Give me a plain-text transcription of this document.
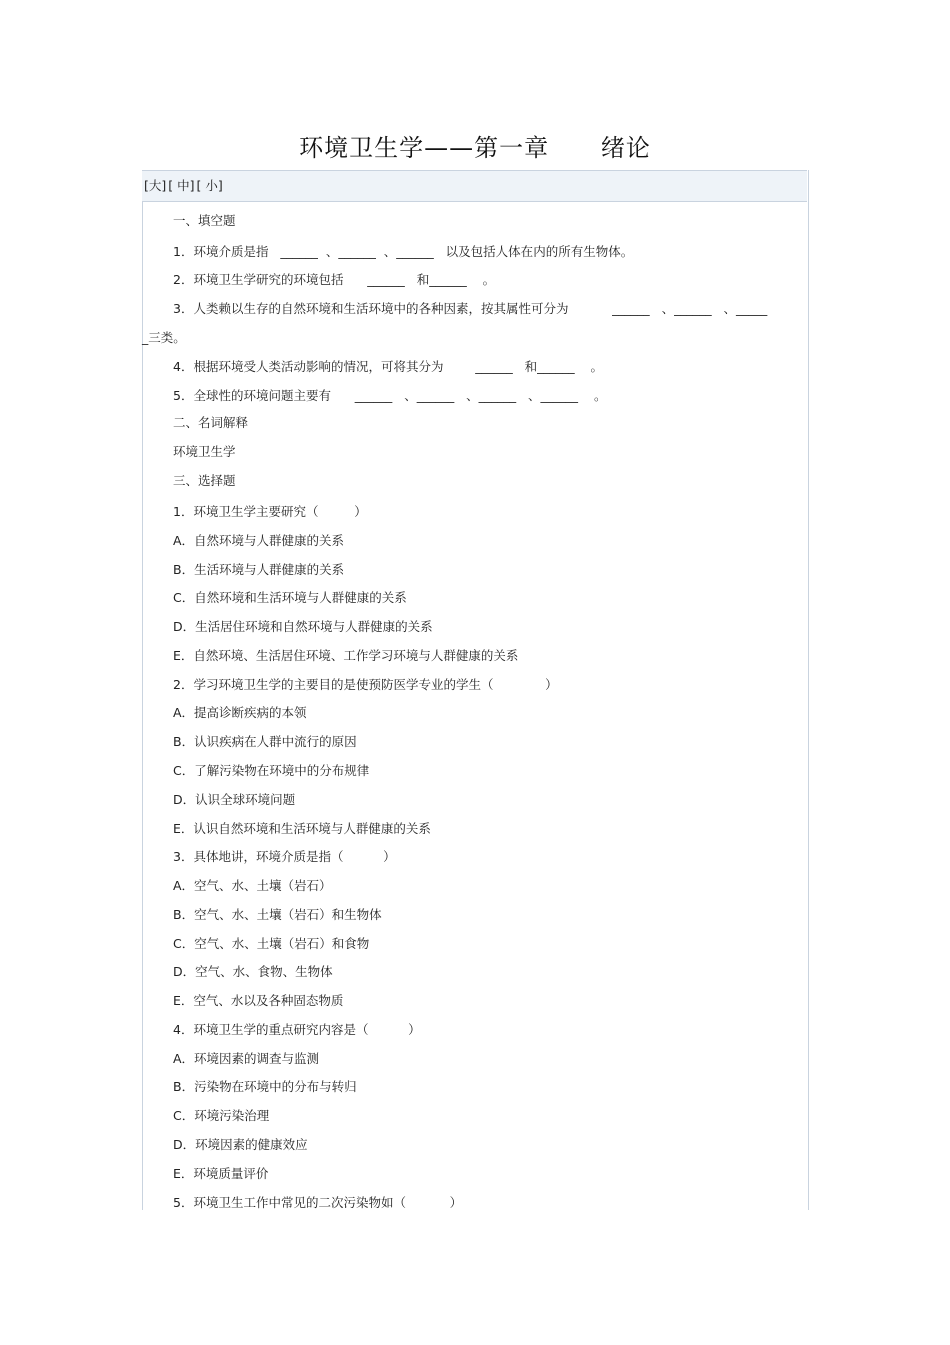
环境卫生学——第一章      绪论
[大] [ 中] [ 小]
一、填空题
1．环境介质是指   ______  、______  、______   以及包括人体在内的所有生物体。
2．环境卫生学研究的环境包括      ______   和______    。
3．人类赖以生存的自然环境和生活环境中的各种因素，按其属性可分为           ______   、______   、_____
_三类。
4．根据环境受人类活动影响的情况，可将其分为        ______   和______    。
5．全球性的环境问题主要有      ______   、______   、______   、______    。
二、名词解释
环境卫生学
三、选择题
1．环境卫生学主要研究（         ）
A．自然环境与人群健康的关系
B．生活环境与人群健康的关系
C．自然环境和生活环境与人群健康的关系
D．生活居住环境和自然环境与人群健康的关系
E．自然环境、生活居住环境、工作学习环境与人群健康的关系
2．学习环境卫生学的主要目的是使预防医学专业的学生（             ）
A．提高诊断疾病的本领
B．认识疾病在人群中流行的原因
C．了解污染物在环境中的分布规律
D．认识全球环境问题
E．认识自然环境和生活环境与人群健康的关系
3．具体地讲，环境介质是指（          ）
A．空气、水、土壤（岩石）
B．空气、水、土壤（岩石）和生物体
C．空气、水、土壤（岩石）和食物
D．空气、水、食物、生物体
E．空气、水以及各种固态物质
4．环境卫生学的重点研究内容是（          ）
A．环境因素的调查与监测
B．污染物在环境中的分布与转归
C．环境污染治理
D．环境因素的健康效应
E．环境质量评价
5．环境卫生工作中常见的二次污染物如（           ）
